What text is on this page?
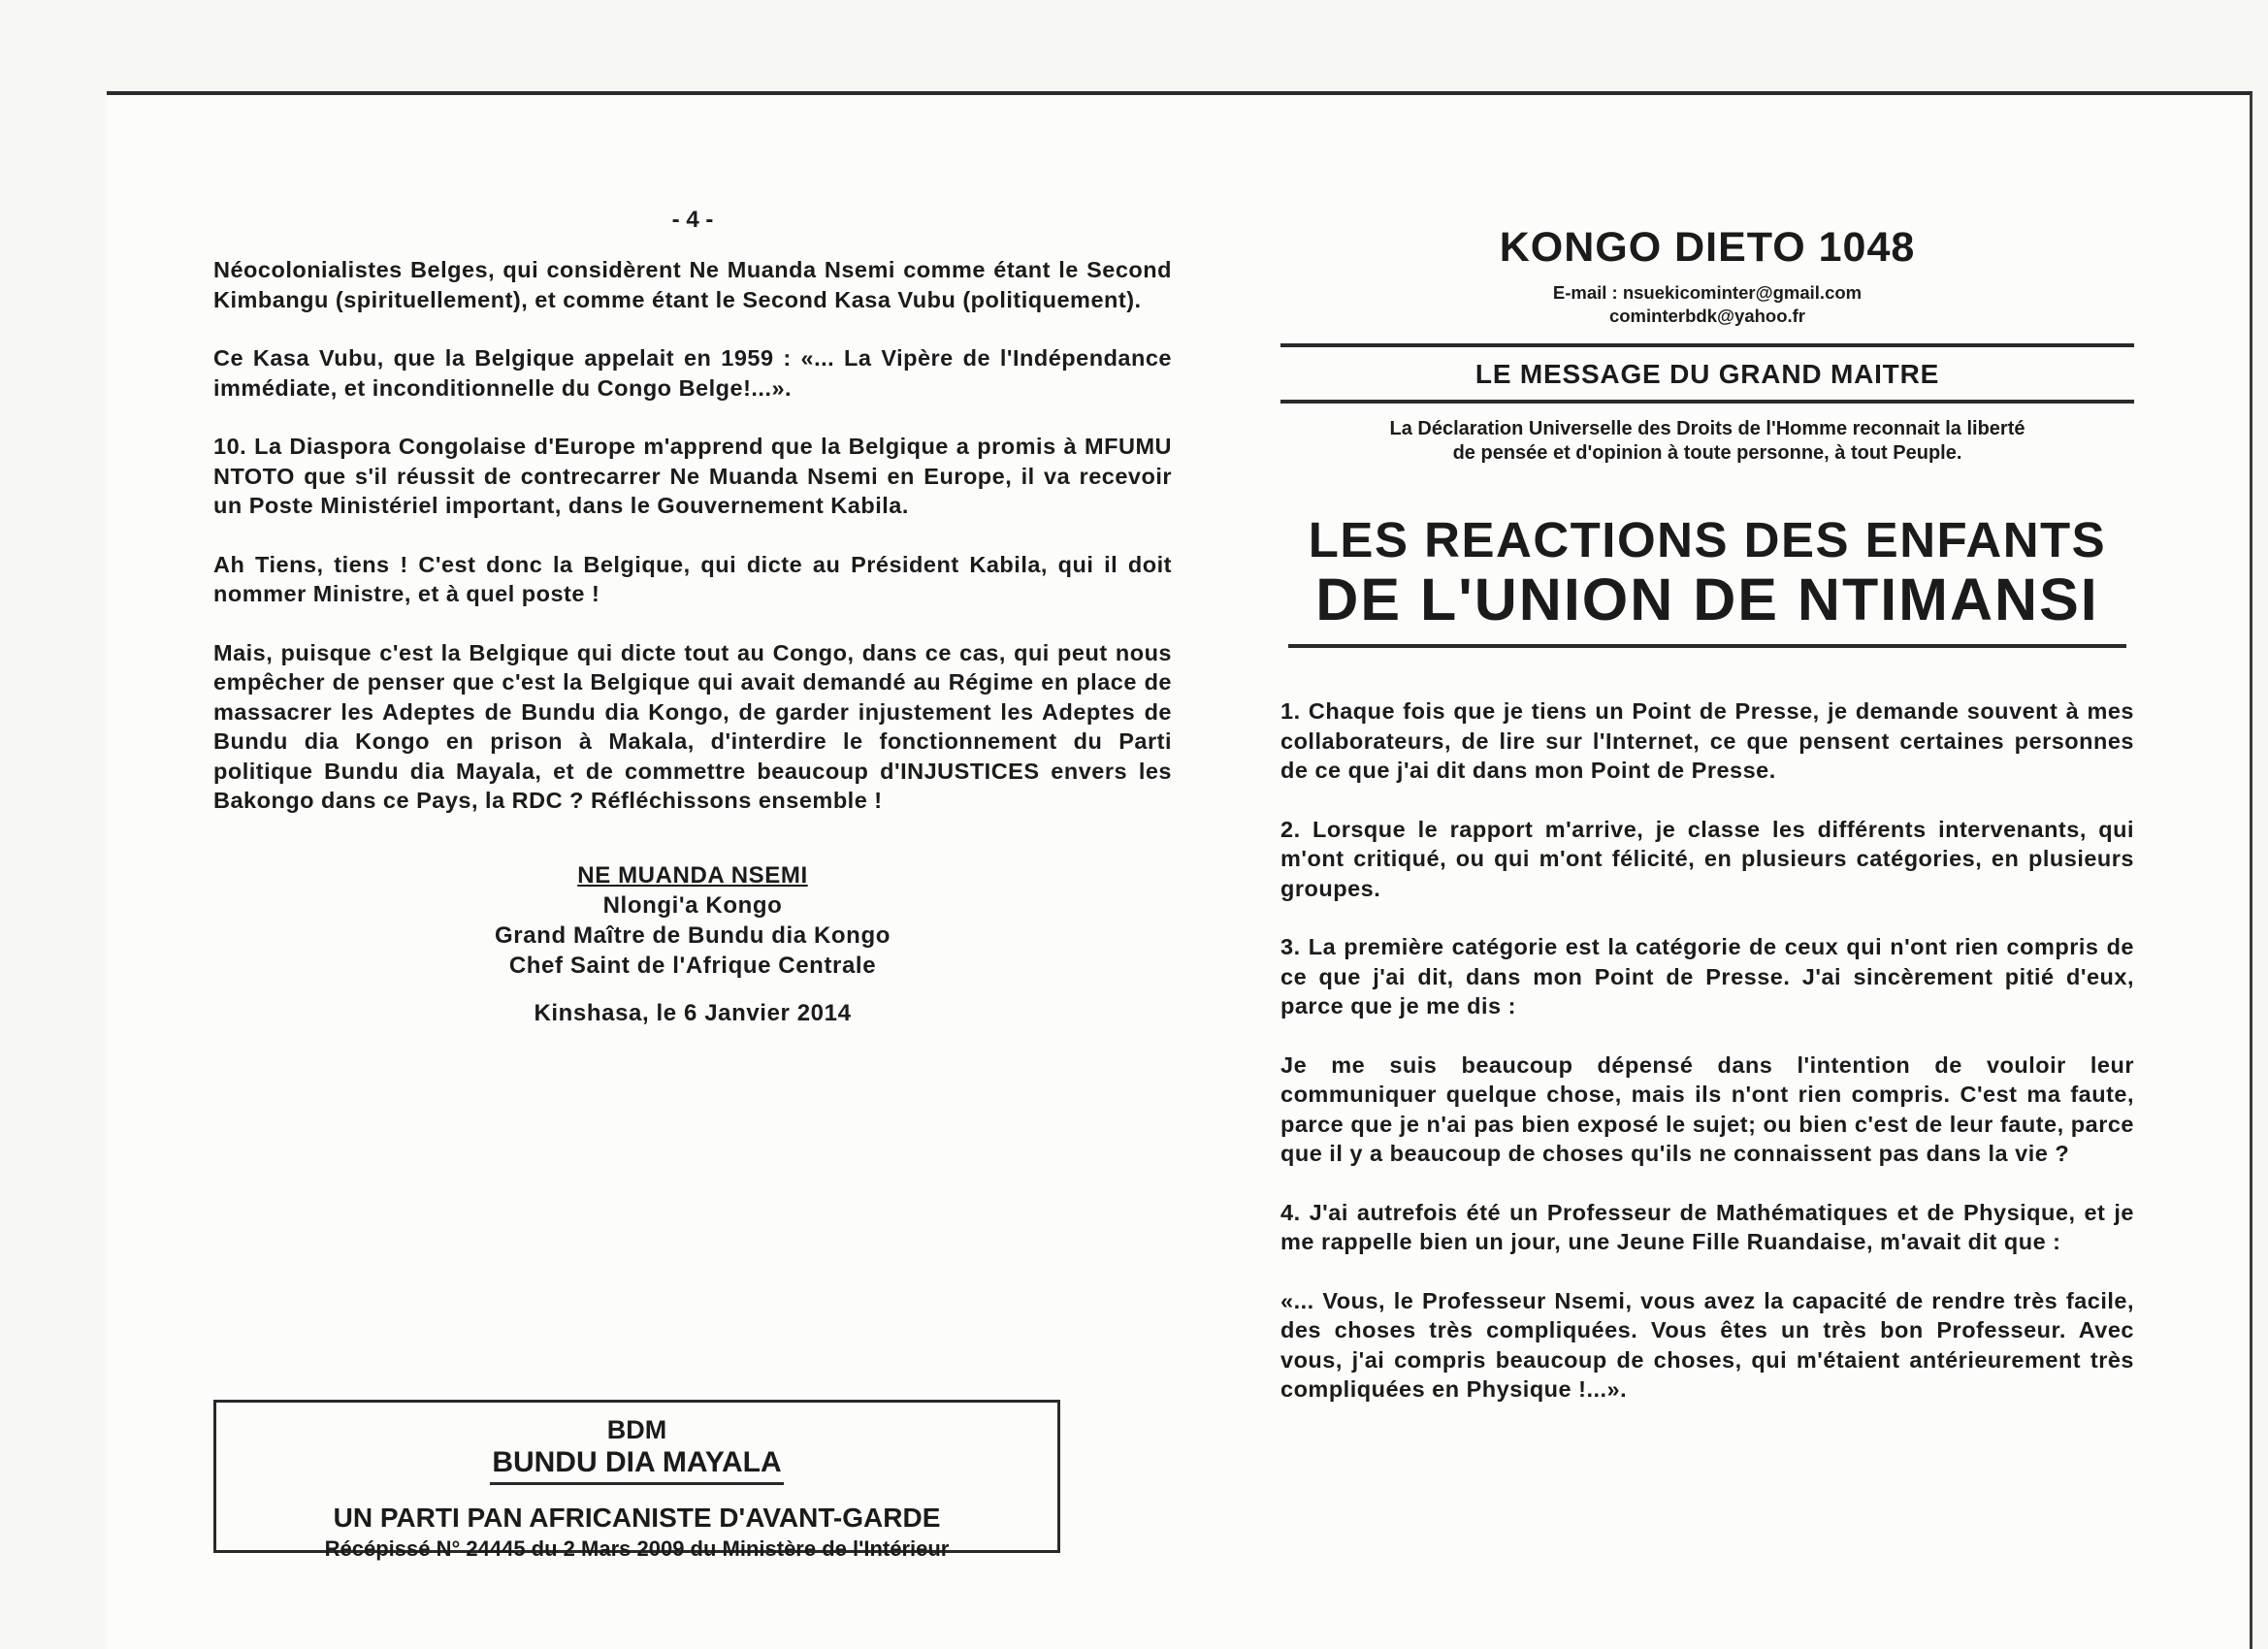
- 4 -

Néocolonialistes Belges, qui considèrent Ne Muanda Nsemi comme étant le Second Kimbangu (spirituellement), et comme étant le Second Kasa Vubu (politiquement).

Ce Kasa Vubu, que la Belgique appelait en 1959 : «... La Vipère de l'Indépendance immédiate, et inconditionnelle du Congo Belge!...».

10. La Diaspora Congolaise d'Europe m'apprend que la Belgique a promis à MFUMU NTOTO que s'il réussit de contrecarrer Ne Muanda Nsemi en Europe, il va recevoir un Poste Ministériel important, dans le Gouvernement Kabila.

Ah Tiens, tiens ! C'est donc la Belgique, qui dicte au Président Kabila, qui il doit nommer Ministre, et à quel poste !

Mais, puisque c'est la Belgique qui dicte tout au Congo, dans ce cas, qui peut nous empêcher de penser que c'est la Belgique qui avait demandé au Régime en place de massacrer les Adeptes de Bundu dia Kongo, de garder injustement les Adeptes de Bundu dia Kongo en prison à Makala, d'interdire le fonctionnement du Parti politique Bundu dia Mayala, et de commettre beaucoup d'INJUSTICES envers les Bakongo dans ce Pays, la RDC ? Réfléchissons ensemble !

NE MUANDA NSEMI
Nlongi'a Kongo
Grand Maître de Bundu dia Kongo
Chef Saint de l'Afrique Centrale
Kinshasa, le 6 Janvier 2014
BDM
BUNDU DIA MAYALA
UN PARTI PAN AFRICANISTE D'AVANT-GARDE
Récépissé N° 24445 du 2 Mars 2009 du Ministère de l'Intérieur
KONGO DIETO 1048
E-mail : nsuekicominter@gmail.com
cominterbdk@yahoo.fr
LE MESSAGE DU GRAND MAITRE
La Déclaration Universelle des Droits de l'Homme reconnait la liberté
de pensée et d'opinion à toute personne, à tout Peuple.
LES REACTIONS DES ENFANTS
DE L'UNION DE NTIMANSI

1. Chaque fois que je tiens un Point de Presse, je demande souvent à mes collaborateurs, de lire sur l'Internet, ce que pensent certaines personnes de ce que j'ai dit dans mon Point de Presse.

2. Lorsque le rapport m'arrive, je classe les différents intervenants, qui m'ont critiqué, ou qui m'ont félicité, en plusieurs catégories, en plusieurs groupes.

3. La première catégorie est la catégorie de ceux qui n'ont rien compris de ce que j'ai dit, dans mon Point de Presse. J'ai sincèrement pitié d'eux, parce que je me dis :

Je me suis beaucoup dépensé dans l'intention de vouloir leur communiquer quelque chose, mais ils n'ont rien compris. C'est ma faute, parce que je n'ai pas bien exposé le sujet; ou bien c'est de leur faute, parce que il y a beaucoup de choses qu'ils ne connaissent pas dans la vie ?

4. J'ai autrefois été un Professeur de Mathématiques et de Physique, et je me rappelle bien un jour, une Jeune Fille Ruandaise, m'avait dit que :

«... Vous, le Professeur Nsemi, vous avez la capacité de rendre très facile, des choses très compliquées. Vous êtes un très bon Professeur. Avec vous, j'ai compris beaucoup de choses, qui m'étaient antérieurement très compliquées en Physique !...».
